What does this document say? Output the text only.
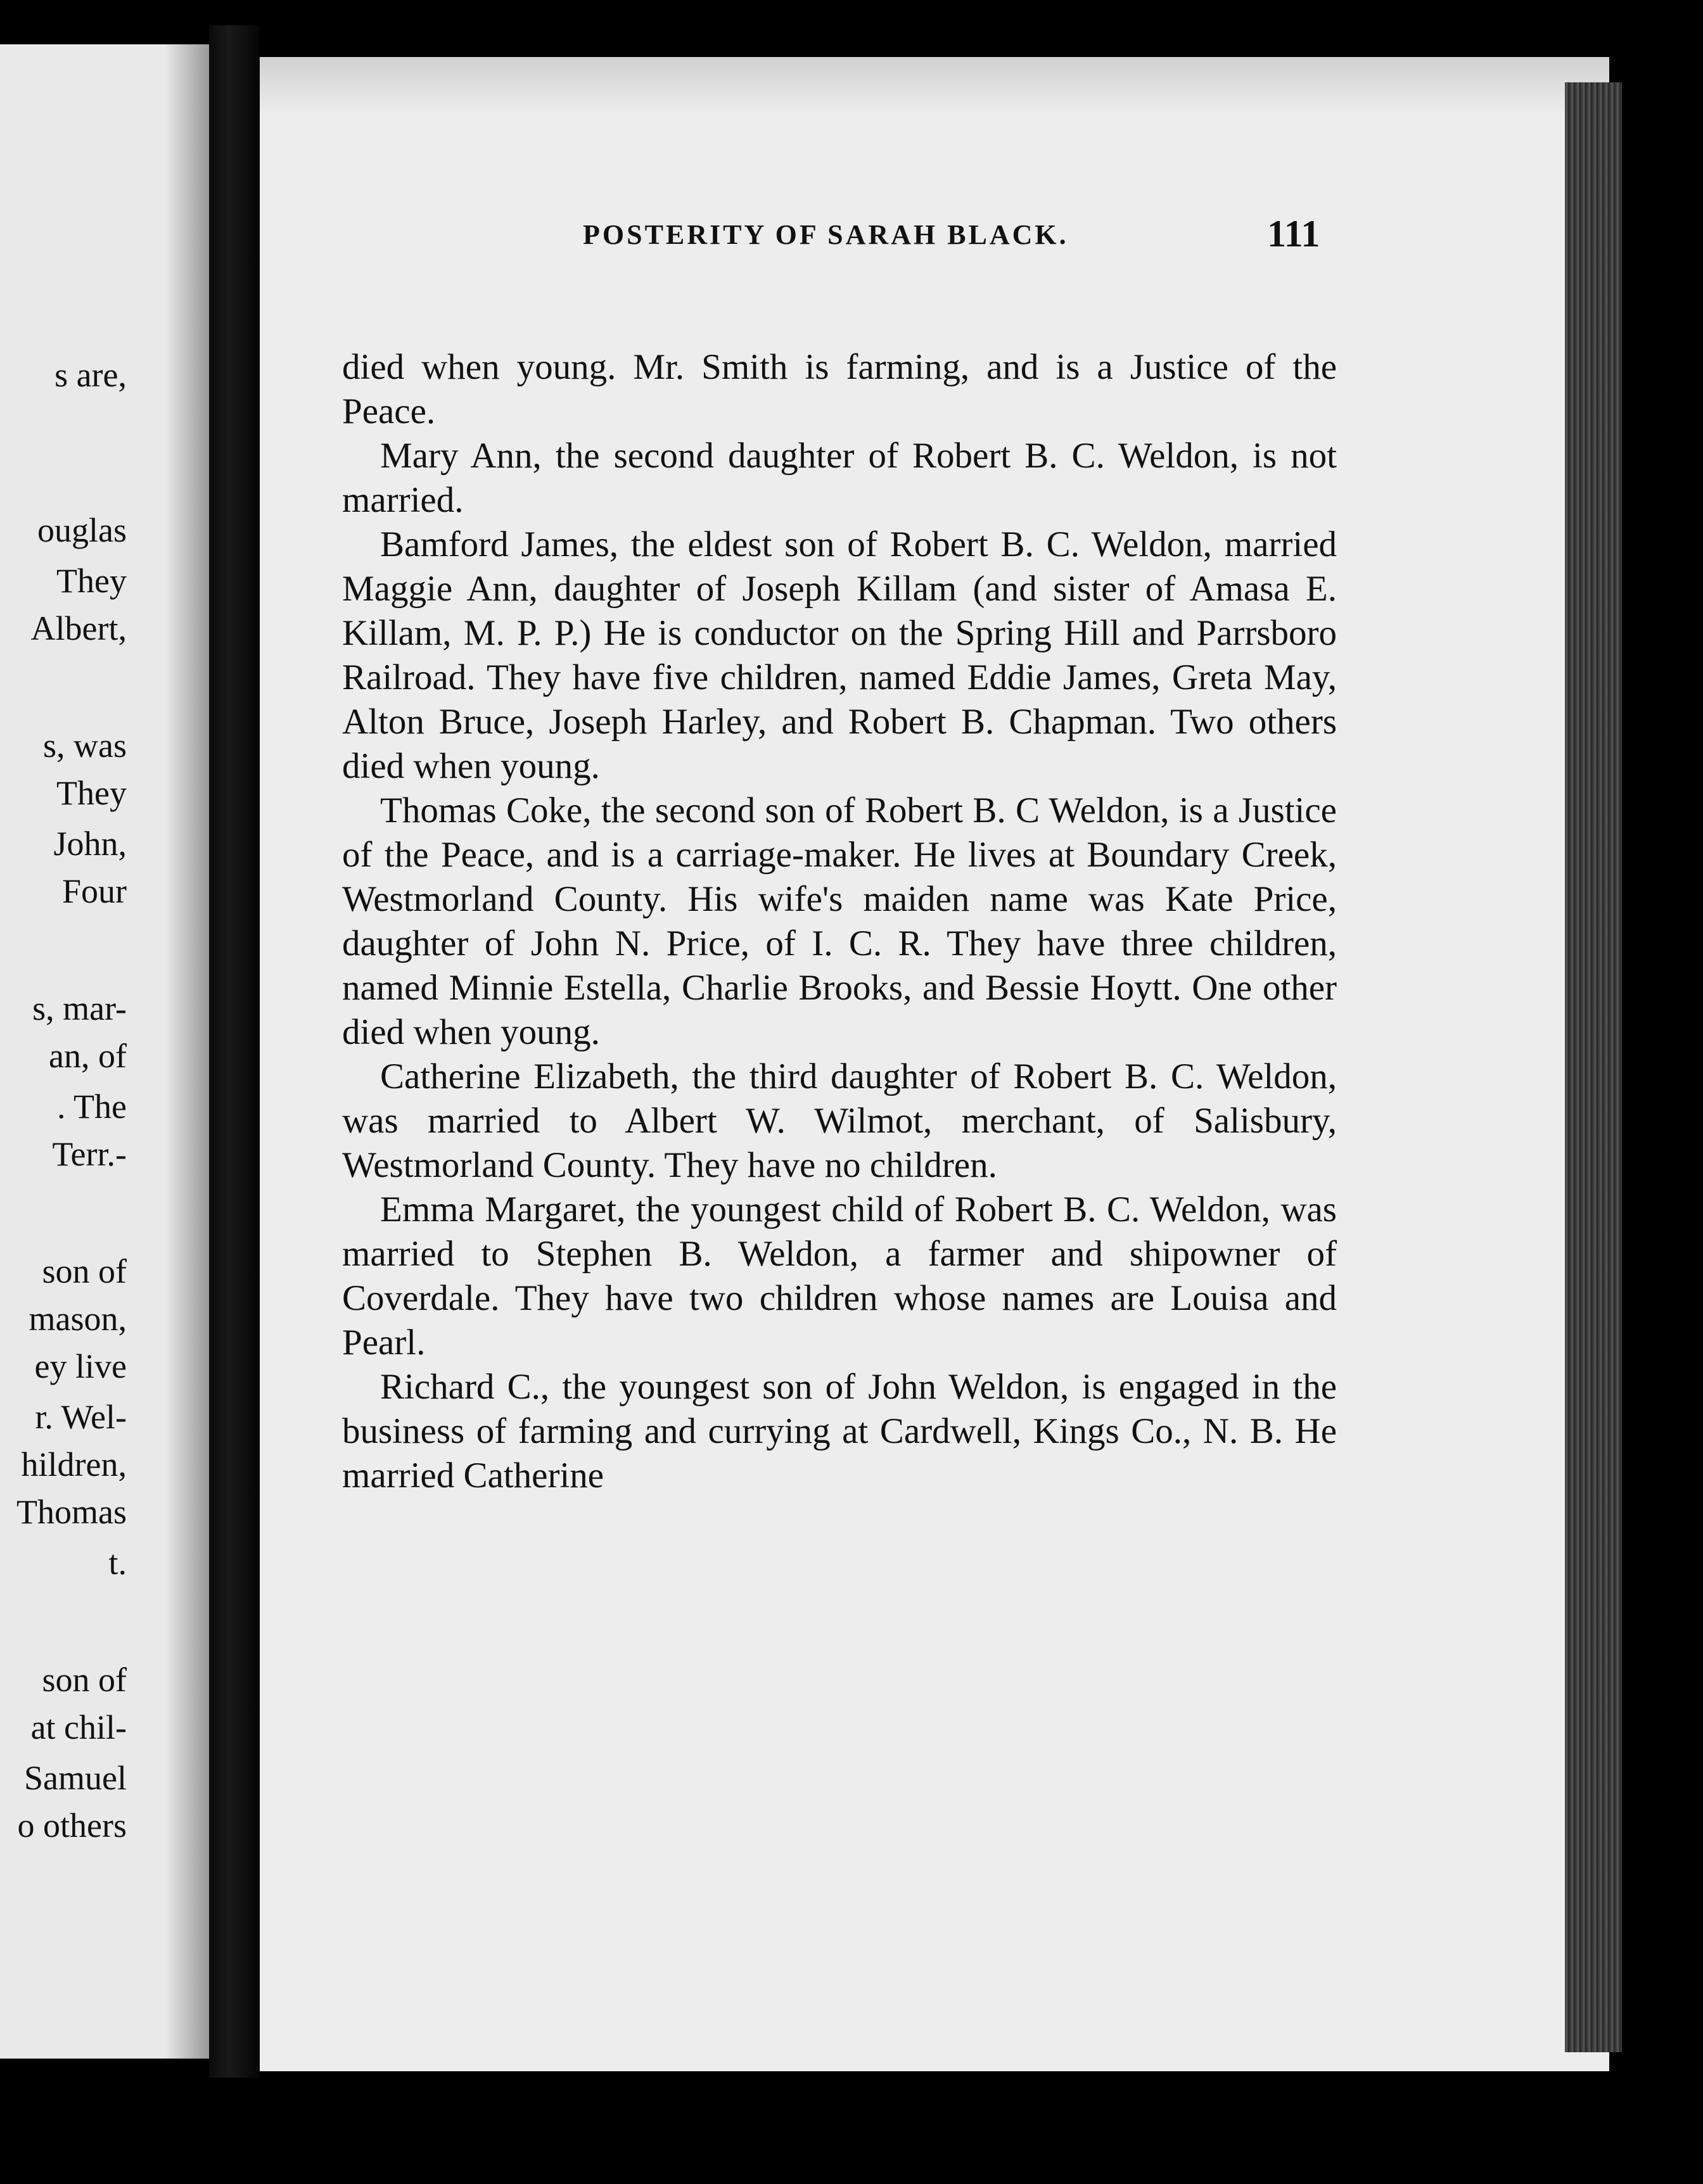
s are,
ouglas
They
Albert,
s, was
They
John,
Four
s, mar-
an, of
. The
Terr.-
son of
mason,
ey live
r. Wel-
hildren,
Thomas
t.
son of
at chil-
Samuel
o others
POSTERITY OF SARAH BLACK.	111

died when young. Mr. Smith is farming, and is a Justice of the Peace.

Mary Ann, the second daughter of Robert B. C. Weldon, is not married.

Bamford James, the eldest son of Robert B. C. Weldon, married Maggie Ann, daughter of Joseph Killam (and sister of Amasa E. Killam, M. P. P.) He is conductor on the Spring Hill and Parrsboro Railroad. They have five children, named Eddie James, Greta May, Alton Bruce, Joseph Harley, and Robert B. Chapman. Two others died when young.

Thomas Coke, the second son of Robert B. C Weldon, is a Justice of the Peace, and is a carriage-maker. He lives at Boundary Creek, Westmorland County. His wife's maiden name was Kate Price, daughter of John N. Price, of I. C. R. They have three children, named Minnie Estella, Charlie Brooks, and Bessie Hoytt. One other died when young.

Catherine Elizabeth, the third daughter of Robert B. C. Weldon, was married to Albert W. Wilmot, merchant, of Salisbury, Westmorland County. They have no children.

Emma Margaret, the youngest child of Robert B. C. Weldon, was married to Stephen B. Weldon, a farmer and shipowner of Coverdale. They have two children whose names are Louisa and Pearl.

Richard C., the youngest son of John Weldon, is engaged in the business of farming and currying at Cardwell, Kings Co., N. B. He married Catherine
